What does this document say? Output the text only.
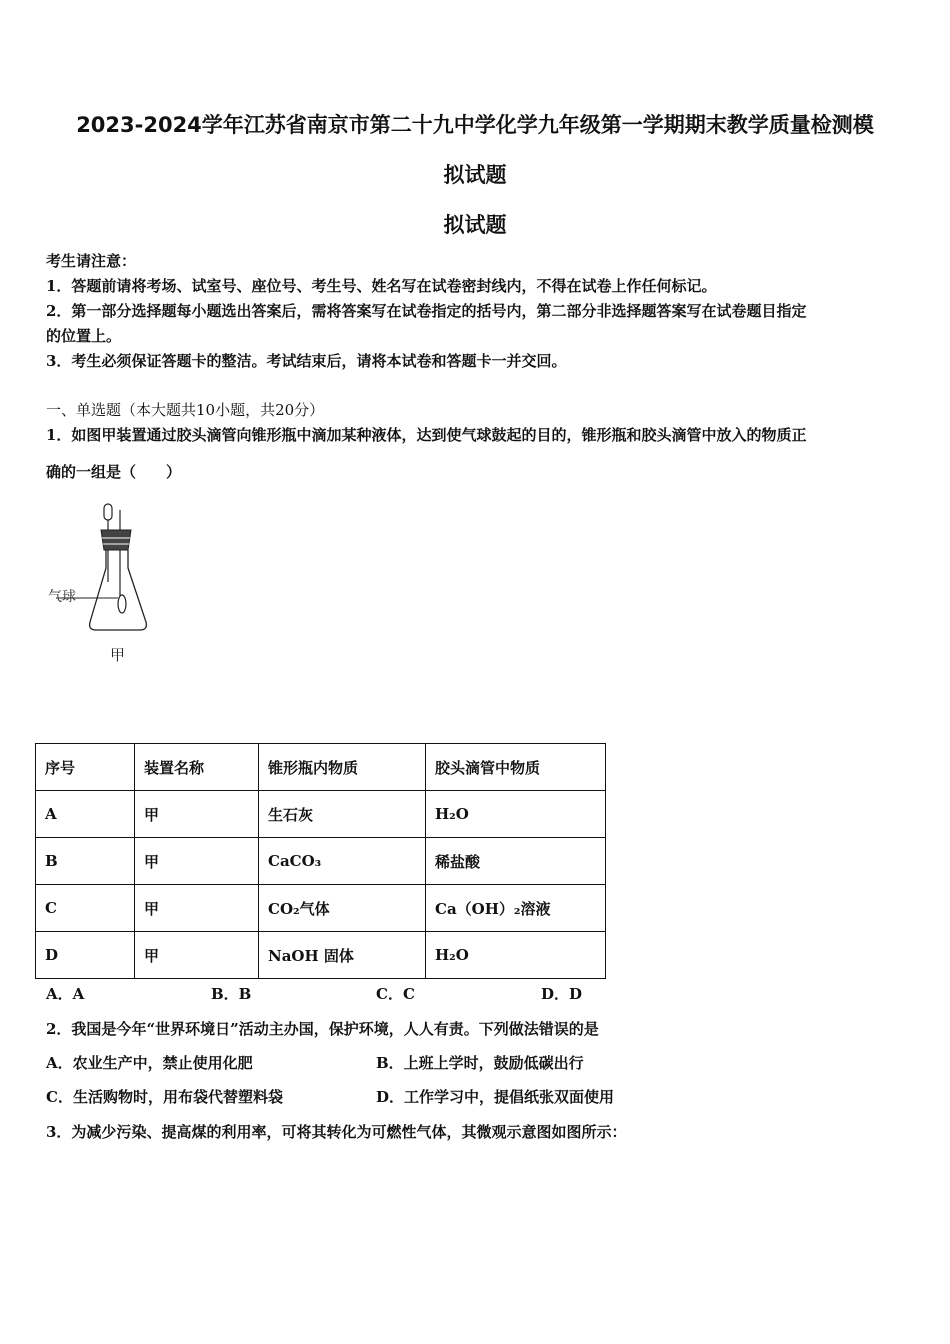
2023-2024学年江苏省南京市第二十九中学化学九年级第一学期期末教学质量检测模
拟试题
拟试题
考生请注意：
1．答题前请将考场、试室号、座位号、考生号、姓名写在试卷密封线内，不得在试卷上作任何标记。
2．第一部分选择题每小题选出答案后，需将答案写在试卷指定的括号内，第二部分非选择题答案写在试卷题目指定
的位置上。
3．考生必须保证答题卡的整洁。考试结束后，请将本试卷和答题卡一并交回。
一、单选题（本大题共10小题，共20分）
1．如图甲装置通过胶头滴管向锥形瓶中滴加某种液体，达到使气球鼓起的目的，锥形瓶和胶头滴管中放入的物质正
确的一组是（　　）
气球
甲
序号	装置名称	锥形瓶内物质	胶头滴管中物质
A	甲	生石灰	H₂O
B	甲	CaCO₃	稀盐酸
C	甲	CO₂气体	Ca（OH）₂溶液
D	甲	NaOH 固体	H₂O
A．A	B．B	C．C	D．D
2．我国是今年“世界环境日”活动主办国，保护环境，人人有责。下列做法错误的是
A．农业生产中，禁止使用化肥	B．上班上学时，鼓励低碳出行
C．生活购物时，用布袋代替塑料袋	D．工作学习中，提倡纸张双面使用
3．为减少污染、提高煤的利用率，可将其转化为可燃性气体，其微观示意图如图所示：
